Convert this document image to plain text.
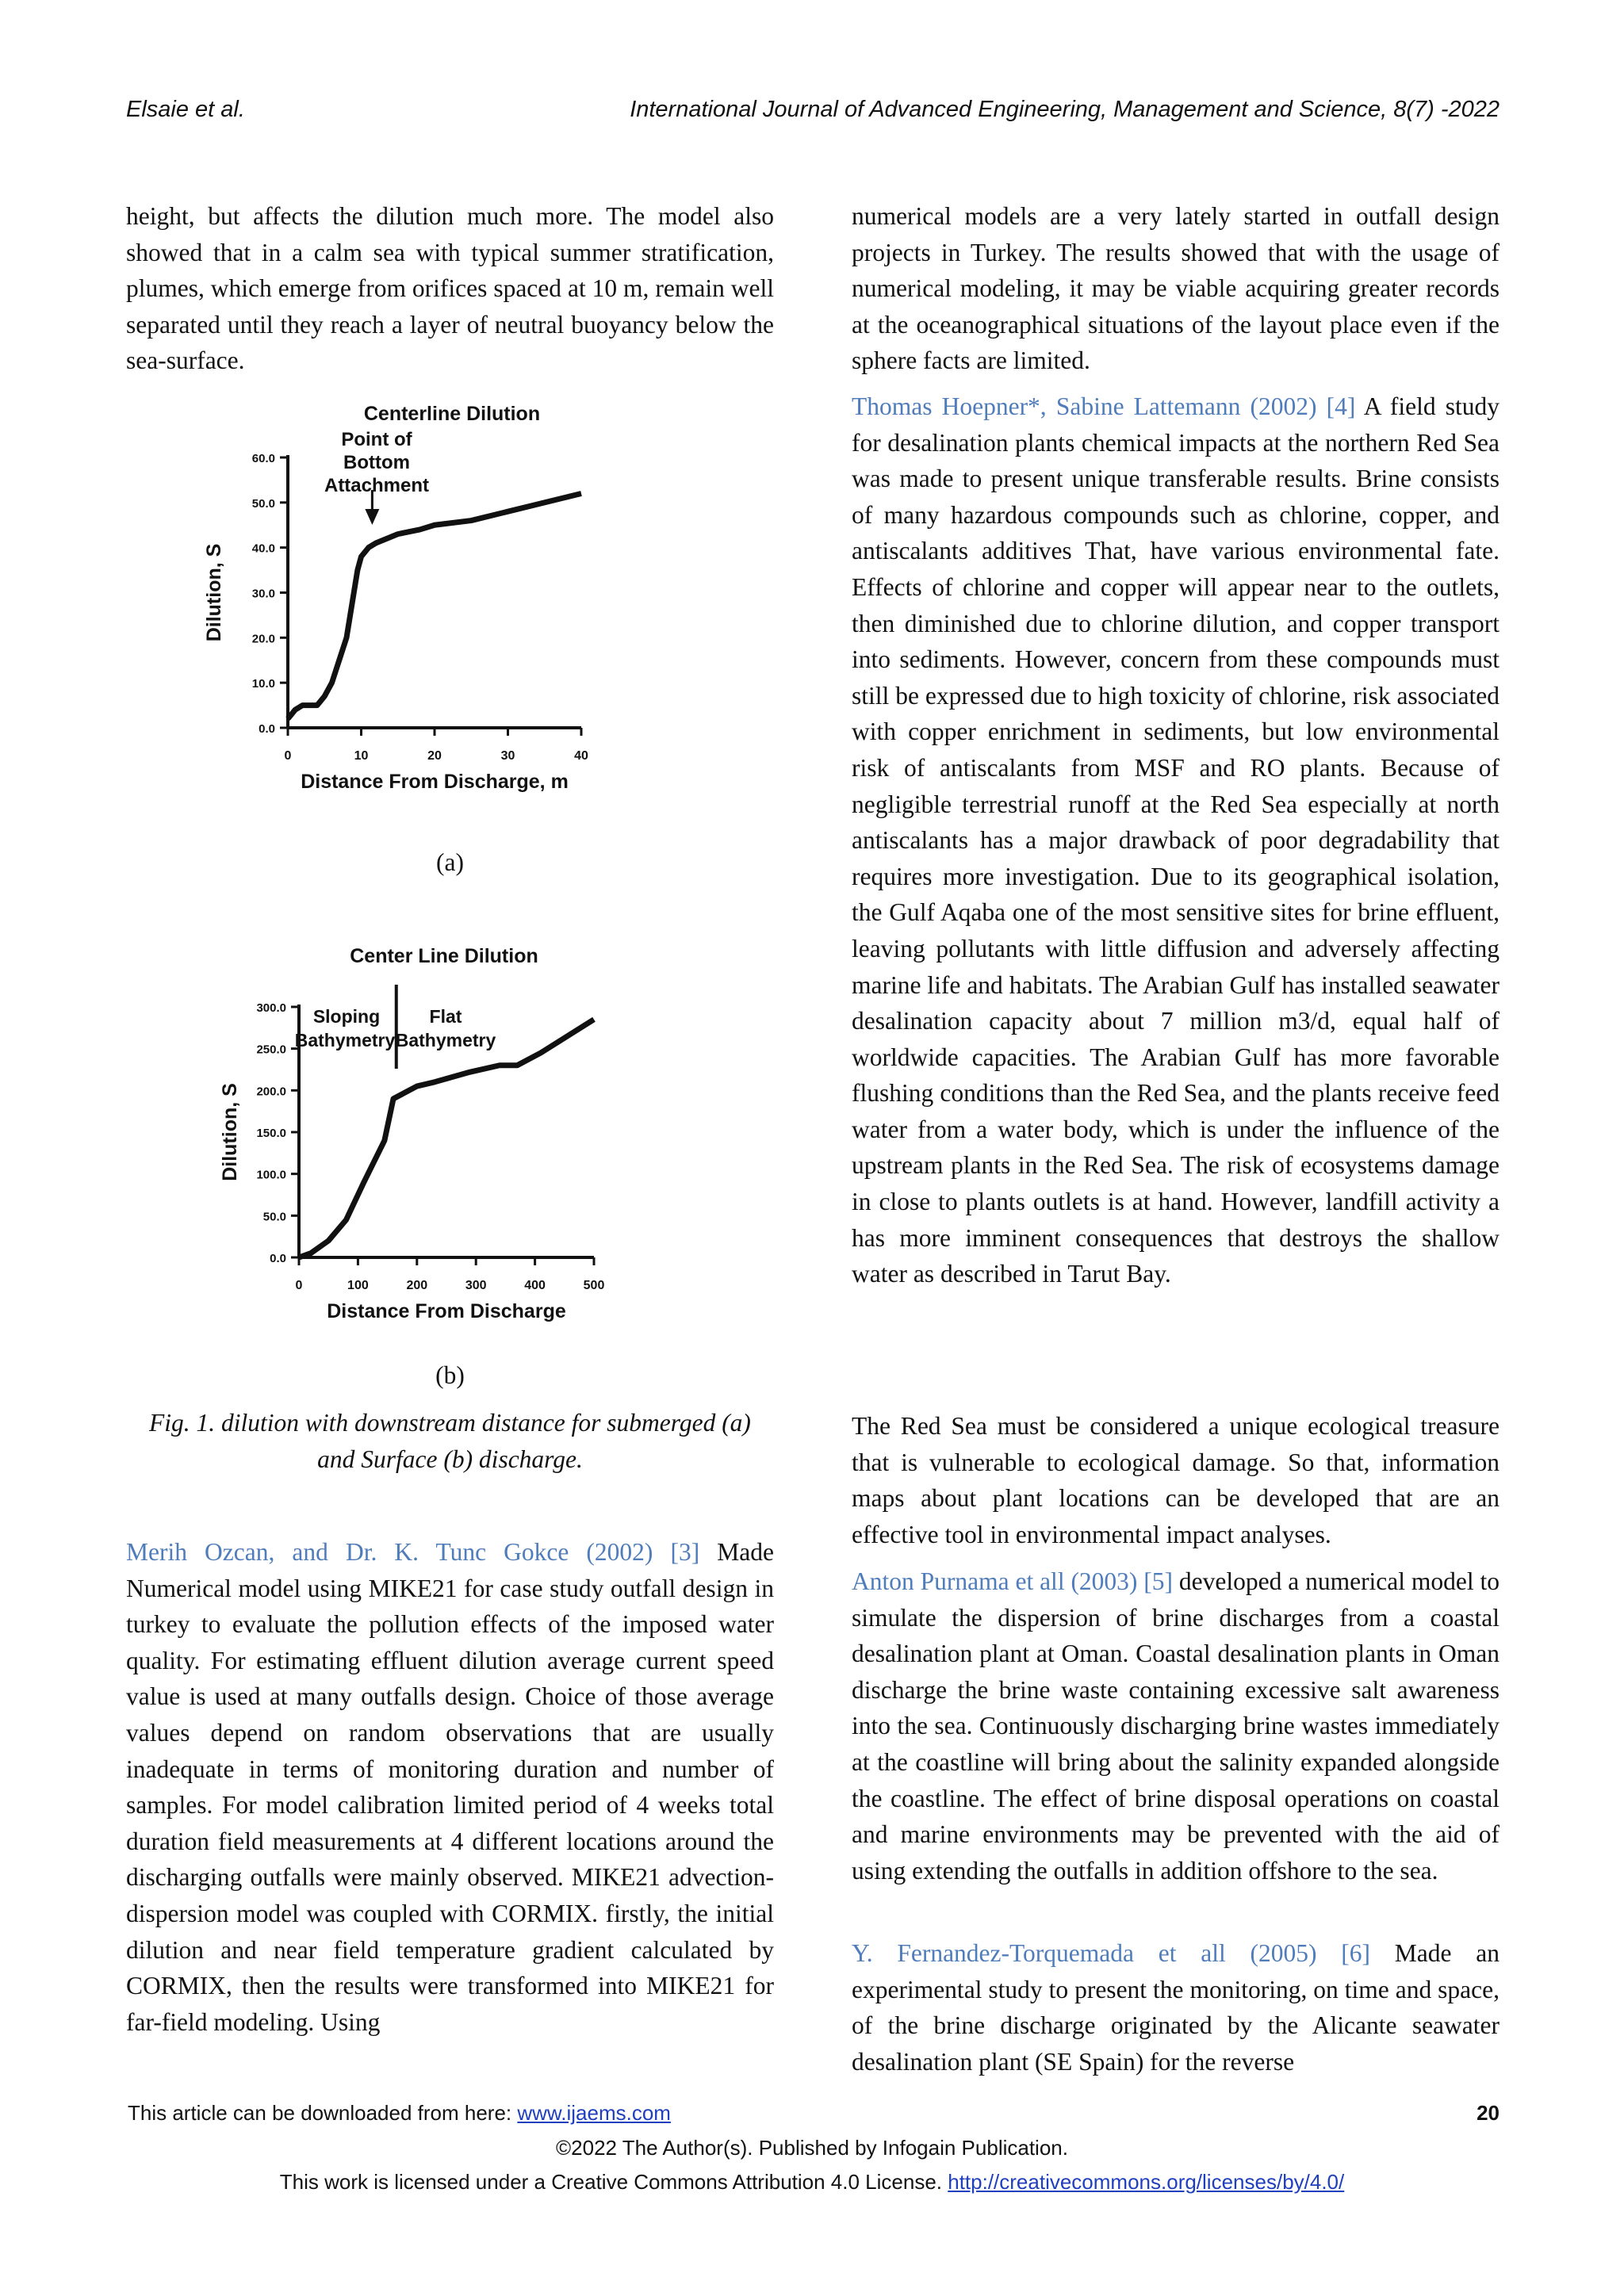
Elsaie et al.	International Journal of Advanced Engineering, Management and Science, 8(7) -2022

height, but affects the dilution much more. The model also showed that in a calm sea with typical summer stratification, plumes, which emerge from orifices spaced at 10 m, remain well separated until they reach a layer of neutral buoyancy below the sea-surface.

0.0
10.0
20.0
30.0
40.0
50.0
60.0
0	10	20	30	40
Distance From Discharge, m
Dilution, S
Centerline Dilution
Point of
Bottom
Attachment
(a)
0.0
50.0
100.0
150.0
200.0
250.0
300.0
0	100	200	300	400	500
Distance From Discharge
Dilution, S
Center Line Dilution
Sloping
Bathymetry
Flat
Bathymetry
(b)
Fig. 1. dilution with downstream distance for submerged (a) and Surface (b) discharge.

Merih Ozcan, and Dr. K. Tunc Gokce (2002) [3] Made Numerical model using MIKE21 for case study outfall design in turkey to evaluate the pollution effects of the imposed water quality. For estimating effluent dilution average current speed value is used at many outfalls design. Choice of those average values depend on random observations that are usually inadequate in terms of monitoring duration and number of samples. For model calibration limited period of 4 weeks total duration field measurements at 4 different locations around the discharging outfalls were mainly observed. MIKE21 advection-dispersion model was coupled with CORMIX. firstly, the initial dilution and near field temperature gradient calculated by CORMIX, then the results were transformed into MIKE21 for far-field modeling. Using

numerical models are a very lately started in outfall design projects in Turkey. The results showed that with the usage of numerical modeling, it may be viable acquiring greater records at the oceanographical situations of the layout place even if the sphere facts are limited.

Thomas Hoepner*, Sabine Lattemann (2002) [4] A field study for desalination plants chemical impacts at the northern Red Sea was made to present unique transferable results. Brine consists of many hazardous compounds such as chlorine, copper, and antiscalants additives That, have various environmental fate. Effects of chlorine and copper will appear near to the outlets, then diminished due to chlorine dilution, and copper transport into sediments. However, concern from these compounds must still be expressed due to high toxicity of chlorine, risk associated with copper enrichment in sediments, but low environmental risk of antiscalants from MSF and RO plants. Because of negligible terrestrial runoff at the Red Sea especially at north antiscalants has a major drawback of poor degradability that requires more investigation. Due to its geographical isolation, the Gulf Aqaba one of the most sensitive sites for brine effluent, leaving pollutants with little diffusion and adversely affecting marine life and habitats. The Arabian Gulf has installed seawater desalination capacity about 7 million m3/d, equal half of worldwide capacities. The Arabian Gulf has more favorable flushing conditions than the Red Sea, and the plants receive feed water from a water body, which is under the influence of the upstream plants in the Red Sea. The risk of ecosystems damage in close to plants outlets is at hand. However, landfill activity a has more imminent consequences that destroys the shallow water as described in Tarut Bay.

The Red Sea must be considered a unique ecological treasure that is vulnerable to ecological damage. So that, information maps about plant locations can be developed that are an effective tool in environmental impact analyses.

Anton Purnama et all (2003) [5] developed a numerical model to simulate the dispersion of brine discharges from a coastal desalination plant at Oman. Coastal desalination plants in Oman discharge the brine waste containing excessive salt awareness into the sea. Continuously discharging brine wastes immediately at the coastline will bring about the salinity expanded alongside the coastline. The effect of brine disposal operations on coastal and marine environments may be prevented with the aid of using extending the outfalls in addition offshore to the sea.

Y. Fernandez-Torquemada et all (2005) [6] Made an experimental study to present the monitoring, on time and space, of the brine discharge originated by the Alicante seawater desalination plant (SE Spain) for the reverse

This article can be downloaded from here: www.ijaems.com	20
©2022 The Author(s). Published by Infogain Publication.
This work is licensed under a Creative Commons Attribution 4.0 License. http://creativecommons.org/licenses/by/4.0/
